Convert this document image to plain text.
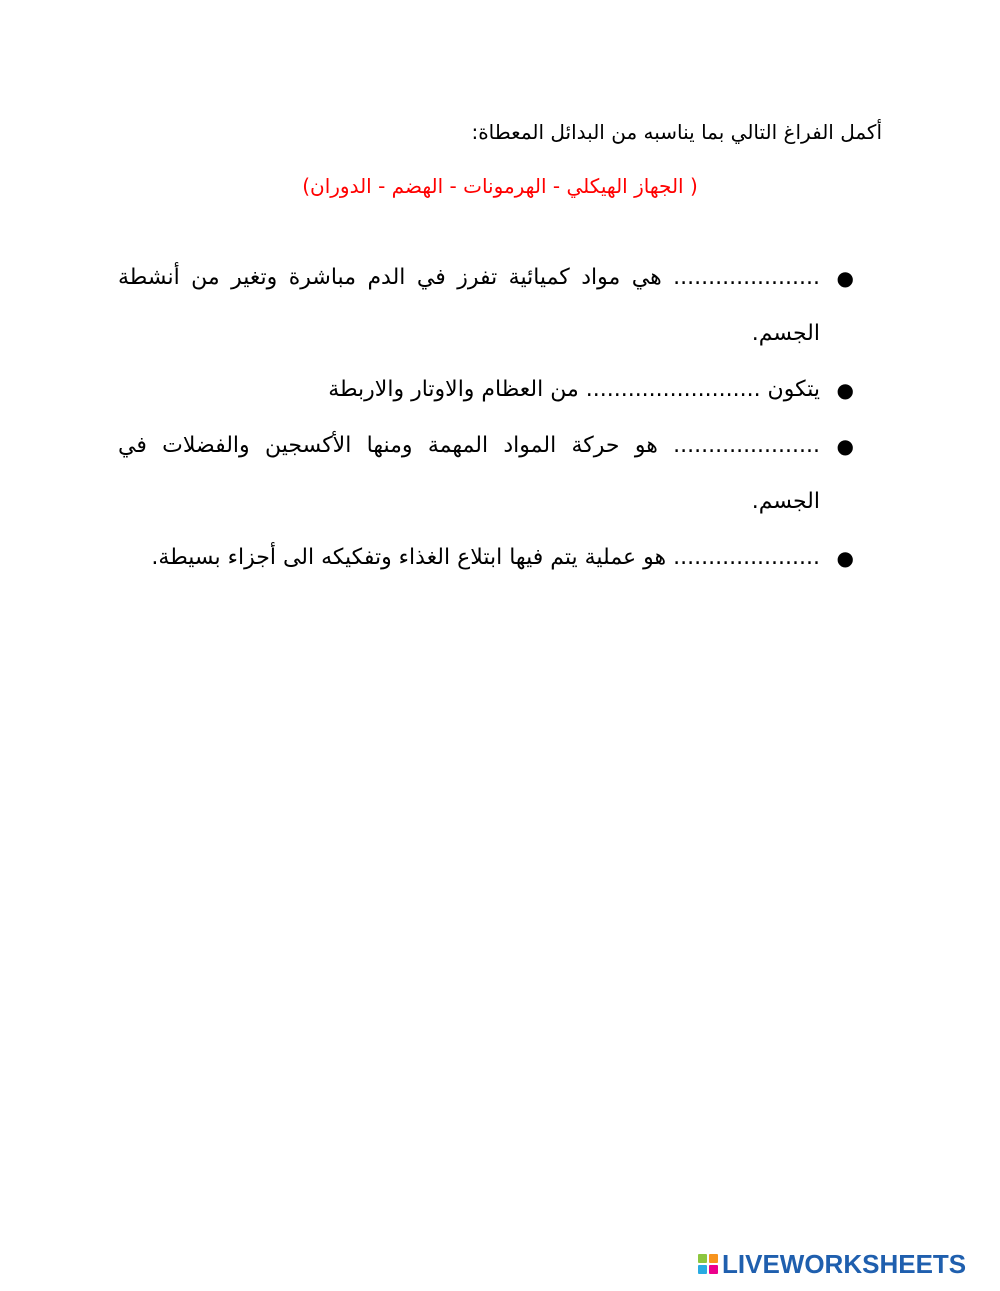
أكمل الفراغ التالي بما يناسبه من البدائل المعطاة:
( الجهاز الهيكلي - الهرمونات - الهضم - الدوران)
●
..................... هي مواد كميائية تفرز في الدم مباشرة وتغير من أنشطة الجسم.
●
يتكون ......................... من العظام والاوتار والاربطة
●
..................... هو حركة المواد المهمة ومنها الأكسجين والفضلات في الجسم.
●
..................... هو عملية يتم فيها ابتلاع الغذاء وتفكيكه الى أجزاء بسيطة.
LIVEWORKSHEETS
